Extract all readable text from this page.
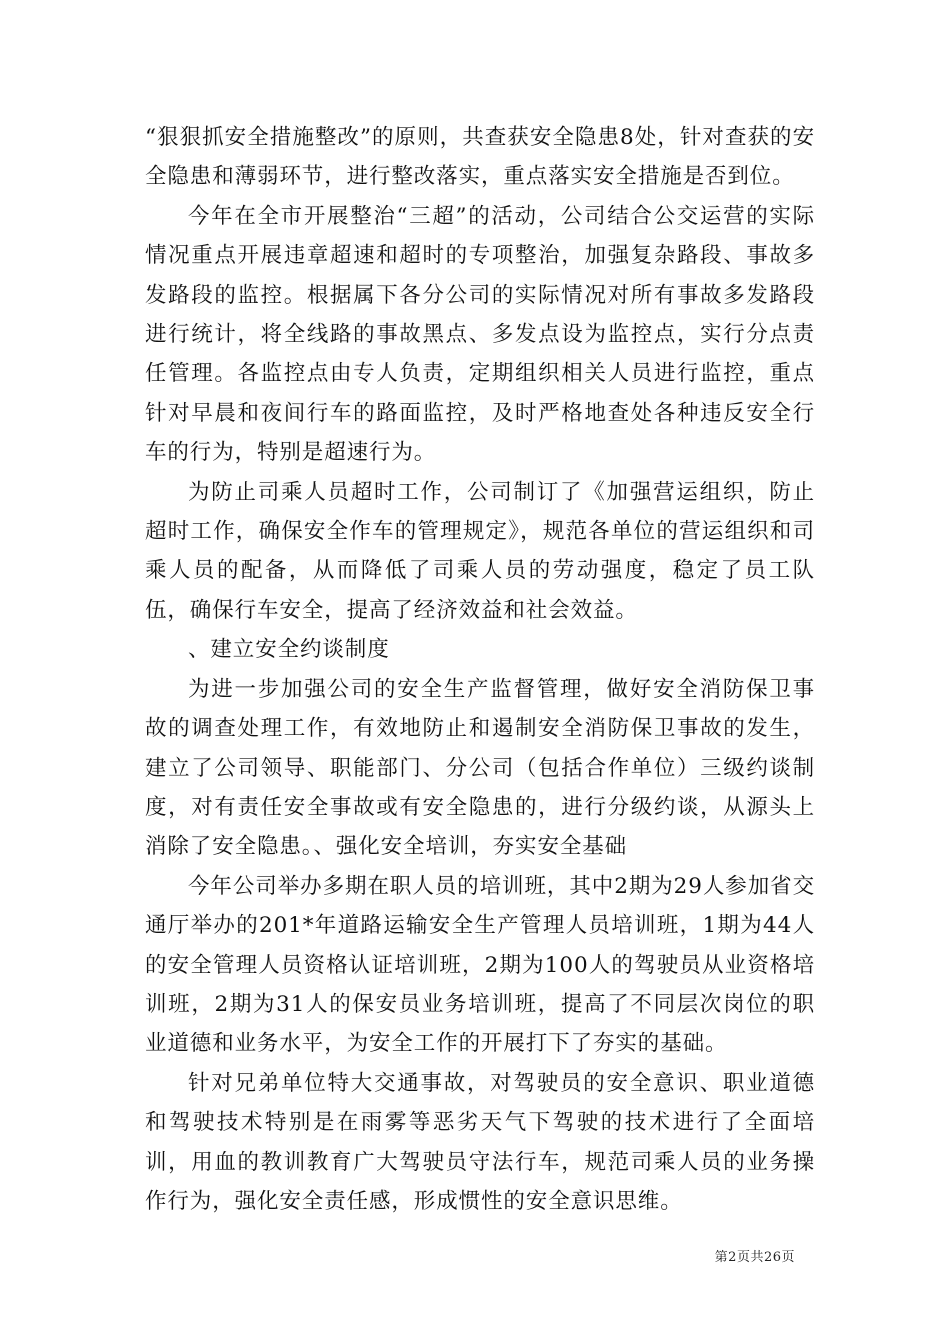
“狠狠抓安全措施整改”的原则，共查获安全隐患8处，针对查获的安全隐患和薄弱环节，进行整改落实，重点落实安全措施是否到位。

今年在全市开展整治“三超”的活动，公司结合公交运营的实际情况重点开展违章超速和超时的专项整治，加强复杂路段、事故多发路段的监控。根据属下各分公司的实际情况对所有事故多发路段进行统计，将全线路的事故黑点、多发点设为监控点，实行分点责任管理。各监控点由专人负责，定期组织相关人员进行监控，重点针对早晨和夜间行车的路面监控，及时严格地查处各种违反安全行车的行为，特别是超速行为。

为防止司乘人员超时工作，公司制订了《加强营运组织，防止超时工作，确保安全作车的管理规定》，规范各单位的营运组织和司乘人员的配备，从而降低了司乘人员的劳动强度，稳定了员工队伍，确保行车安全，提高了经济效益和社会效益。

、建立安全约谈制度

为进一步加强公司的安全生产监督管理，做好安全消防保卫事故的调查处理工作，有效地防止和遏制安全消防保卫事故的发生，建立了公司领导、职能部门、分公司（包括合作单位）三级约谈制度，对有责任安全事故或有安全隐患的，进行分级约谈，从源头上消除了安全隐患。、强化安全培训，夯实安全基础

今年公司举办多期在职人员的培训班，其中2期为29人参加省交通厅举办的201*年道路运输安全生产管理人员培训班，1期为44人的安全管理人员资格认证培训班，2期为100人的驾驶员从业资格培训班，2期为31人的保安员业务培训班，提高了不同层次岗位的职业道德和业务水平，为安全工作的开展打下了夯实的基础。

针对兄弟单位特大交通事故，对驾驶员的安全意识、职业道德和驾驶技术特别是在雨雾等恶劣天气下驾驶的技术进行了全面培训，用血的教训教育广大驾驶员守法行车，规范司乘人员的业务操作行为，强化安全责任感，形成惯性的安全意识思维。

第2页共26页
